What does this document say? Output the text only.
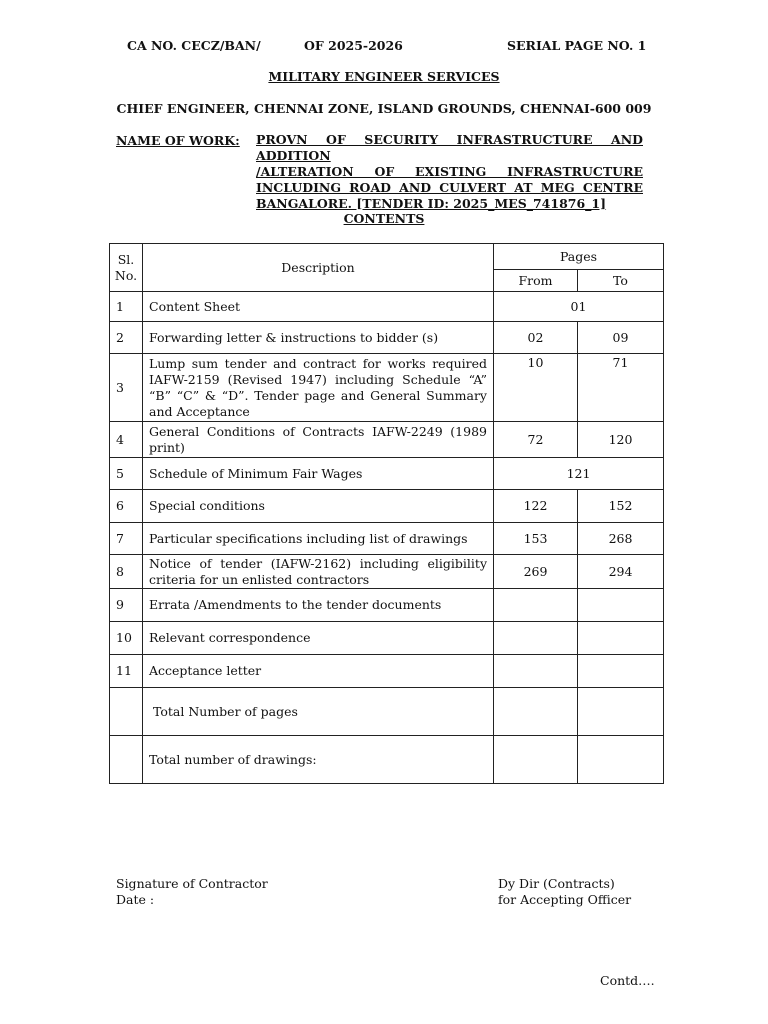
CA NO. CECZ/BAN/	OF 2025-2026	SERIAL PAGE NO. 1
MILITARY ENGINEER SERVICES
CHIEF ENGINEER, CHENNAI ZONE, ISLAND GROUNDS, CHENNAI-600 009
NAME OF WORK: PROVN OF SECURITY INFRASTRUCTURE AND ADDITION
/ALTERATION OF EXISTING INFRASTRUCTURE
INCLUDING ROAD AND CULVERT AT MEG CENTRE
BANGALORE. [TENDER ID: 2025_MES_741876_1]
CONTENTS
Sl. No.	Description	Pages	
		From	To
1	Content Sheet	01	
2	Forwarding letter & instructions to bidder (s)	02	09
3	Lump sum tender and contract for works required IAFW-2159 (Revised 1947) including Schedule “A” “B” “C” & “D”. Tender page and General Summary and Acceptance	10	71
4	General Conditions of Contracts IAFW-2249 (1989 print)	72	120
5	Schedule of Minimum Fair Wages	121	
6	Special conditions	122	152
7	Particular specifications including list of drawings	153	268
8	Notice of tender (IAFW-2162) including eligibility criteria for un enlisted contractors	269	294
9	Errata /Amendments to the tender documents		
10	Relevant correspondence		
11	Acceptance letter		
	Total Number of pages		
	Total number of drawings:		
Signature of Contractor
Date :
Dy Dir (Contracts)
for Accepting Officer
Contd….
